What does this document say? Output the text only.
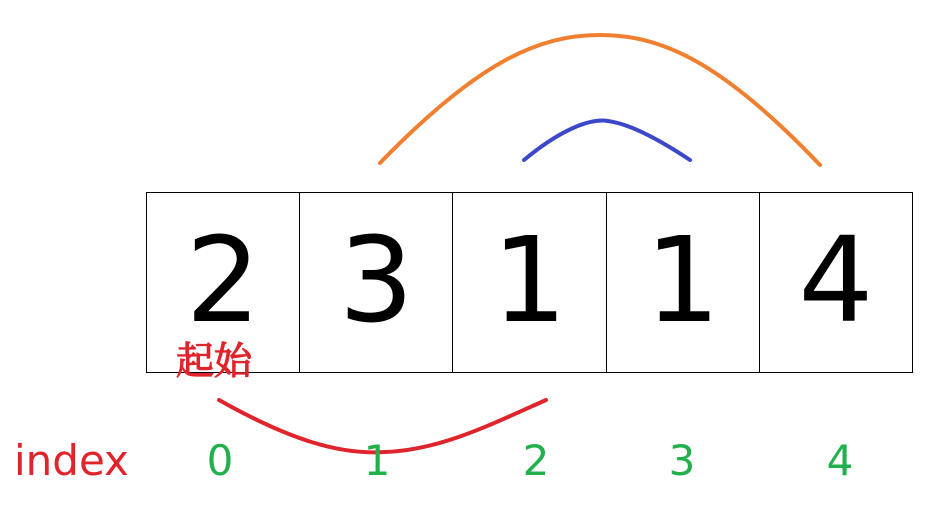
2 3 1 1 4
起始
index	0	1	2	3	4
